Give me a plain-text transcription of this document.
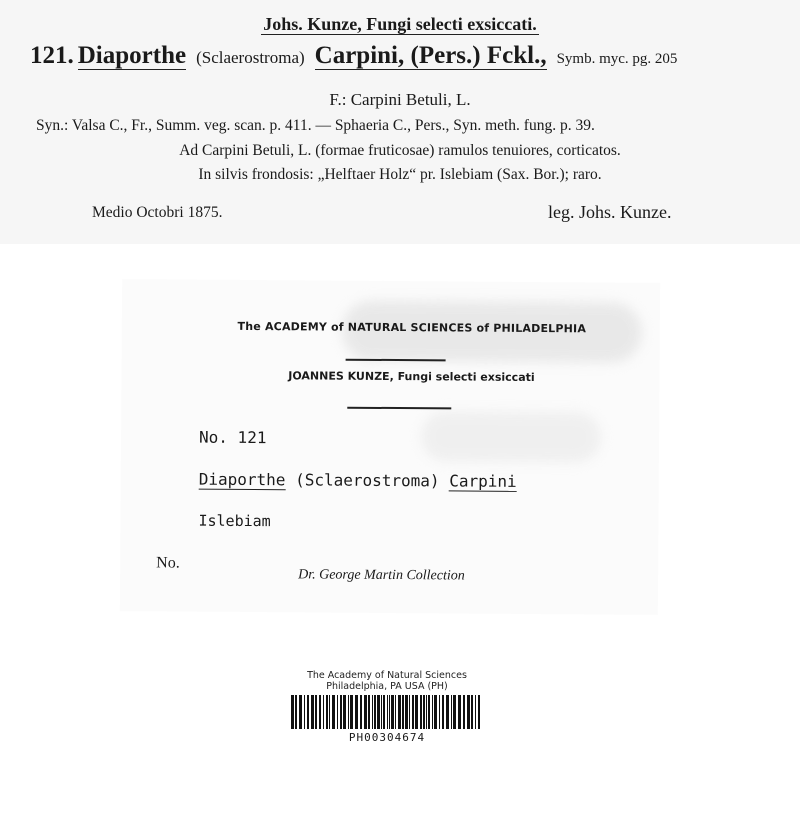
Johs. Kunze, Fungi selecti exsiccati.
121. Diaporthe (Sclaerostroma) Carpini, (Pers.) Fckl., Symb. myc. pg. 205
F.: Carpini Betuli, L.
Syn.: Valsa C., Fr., Summ. veg. scan. p. 411. — Sphaeria C., Pers., Syn. meth. fung. p. 39.
Ad Carpini Betuli, L. (formae fruticosae) ramulos tenuiores, corticatos.
In silvis frondosis: „Helftaer Holz“ pr. Islebiam (Sax. Bor.); raro.
Medio Octobri 1875.	leg. Johs. Kunze.
The ACADEMY of NATURAL SCIENCES of PHILADELPHIA
JOANNES KUNZE, Fungi selecti exsiccati
No. 121
Diaporthe (Sclaerostroma) Carpini
Islebiam
No.
Dr. George Martin Collection
The Academy of Natural Sciences
Philadelphia, PA USA (PH)
PH00304674
